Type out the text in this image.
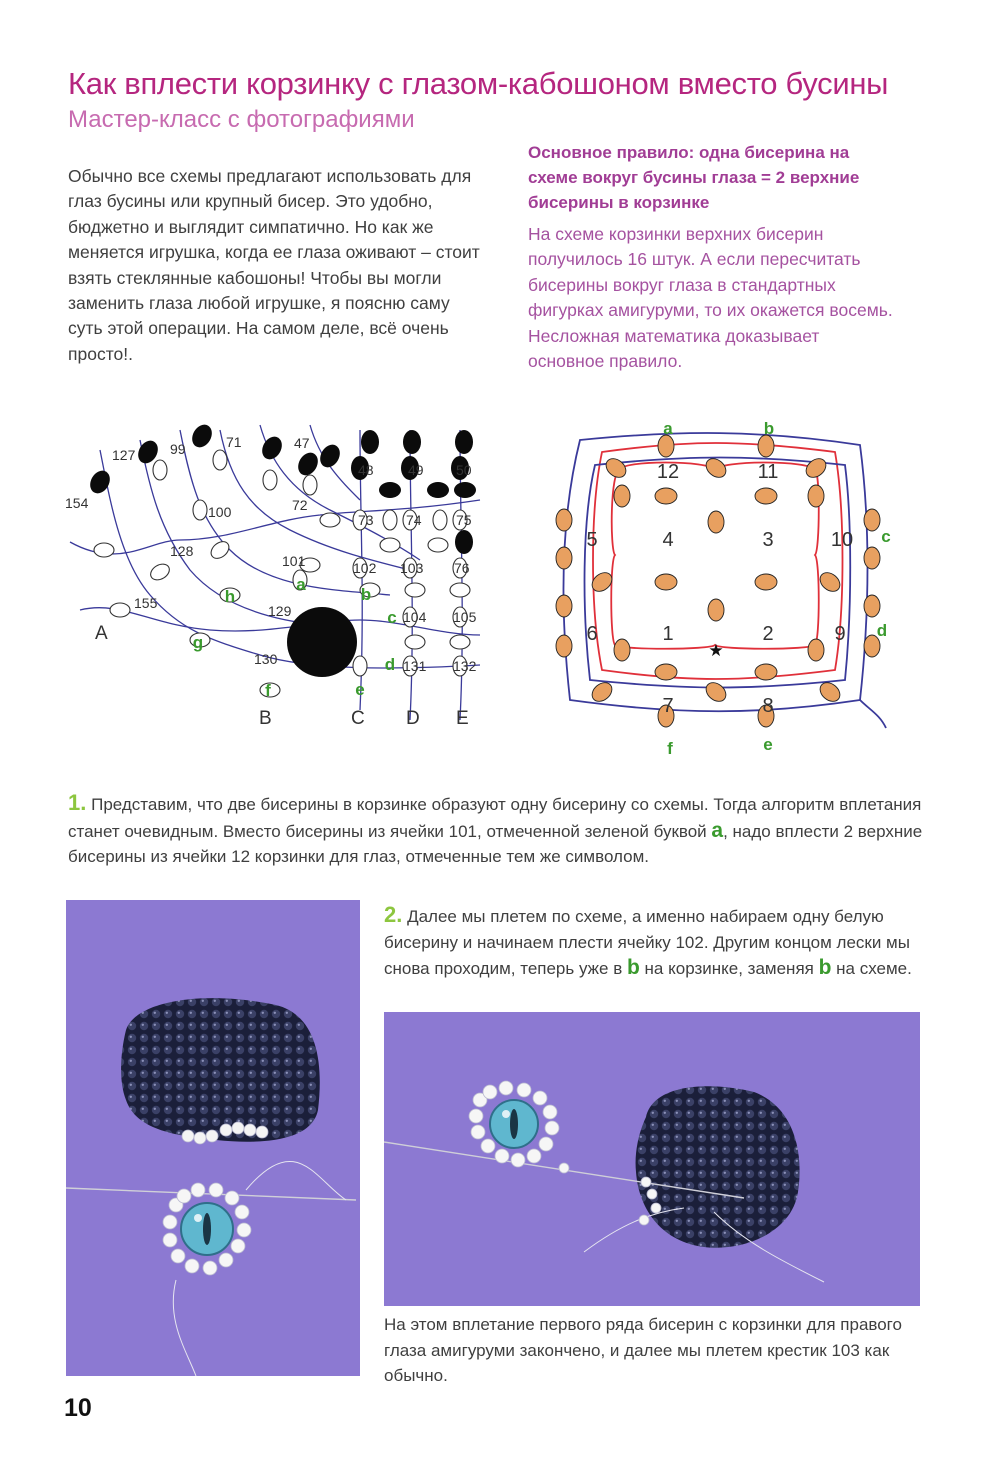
Как вплести корзинку с глазом-кабошоном вместо бусины
Мастер-класс с фотографиями
Обычно все схемы предлагают использовать для глаз бусины или крупный бисер. Это удобно, бюджетно и выглядит симпатично. Но как же меняется игрушка, когда ее глаза оживают – стоит взять стеклянные кабошоны! Чтобы вы могли заменить глаза любой игрушке, я поясню саму суть этой операции. На самом деле, всё очень просто!.
Основное правило: одна бисерина на схеме вокруг бусины глаза = 2 верхние бисерины в корзинке
На схеме корзинки верхних бисерин получилось 16 штук. А если пересчитать бисерины вокруг глаза в стандартных фигурках амигуруми, то их окажется восемь. Несложная математика доказывает основное правило.
127 99	71	47
154
100	72
48 49 50
73 74 75
128
101	102 103 76
155	129	104 105
130	131 132
a
b
c
d
e
f
g
h
A
B	C D E
★
12	11
4	3
5	10
6	1	2	9
7	8
a	b
c
d
e
f
1. Представим, что две бисерины в корзинке образуют одну бисерину со схемы. Тогда алгоритм вплетания станет очевидным. Вместо бисерины из ячейки 101, отмеченной зеленой буквой a, надо вплести 2 верхние бисерины из ячейки 12 корзинки для глаз, отмеченные тем же символом.
2. Далее мы плетем по схеме, а именно набираем одну белую бисерину и начинаем плести ячейку 102. Другим концом лески мы снова проходим, теперь уже в b на корзинке, заменяя b на схеме.
На этом вплетание первого ряда бисерин с корзинки для правого глаза амигуруми закончено, и далее мы плетем крестик 103 как обычно.
10
